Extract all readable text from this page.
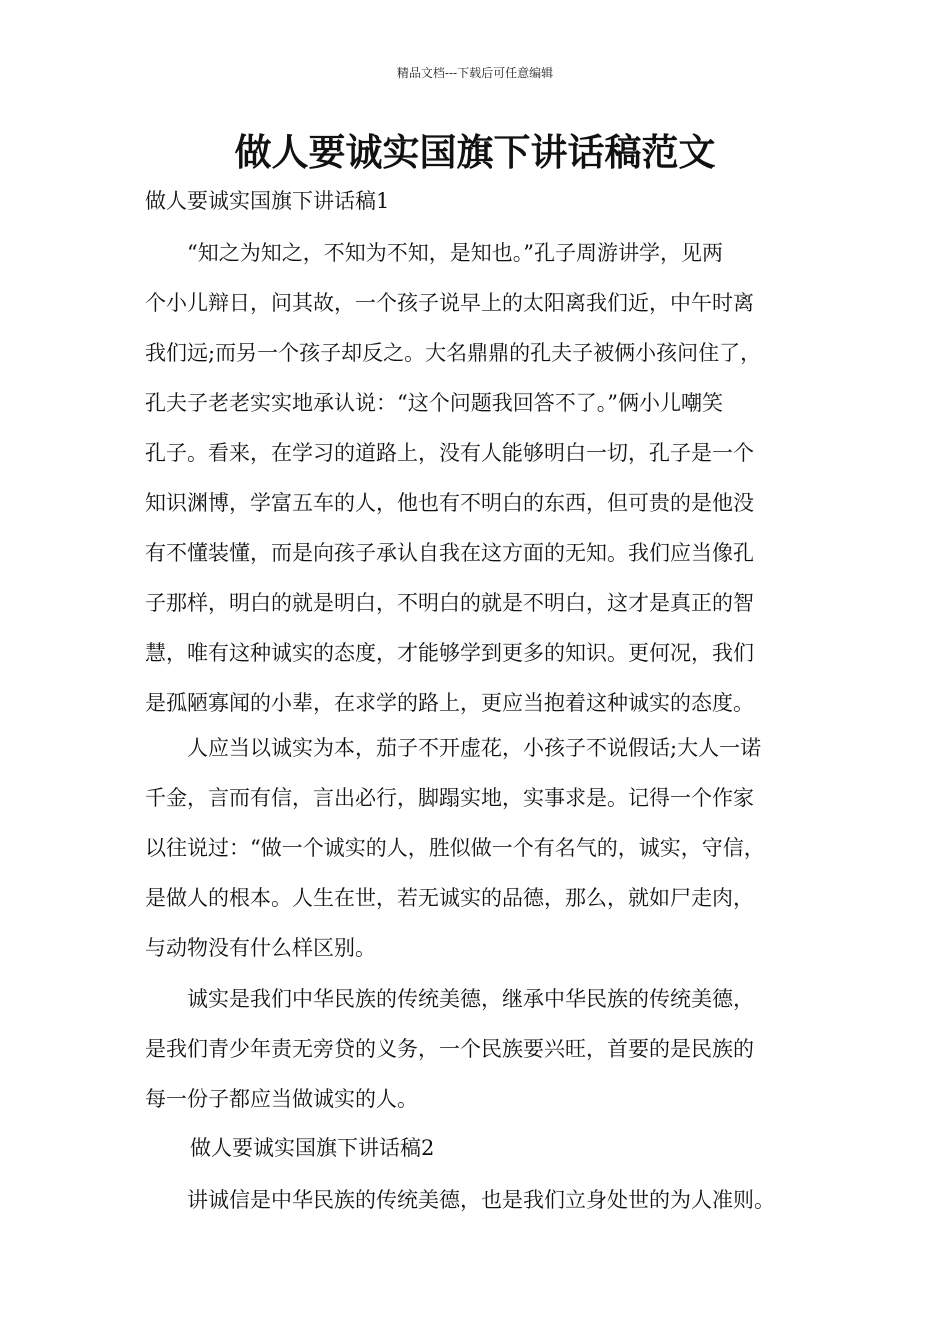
精品文档---下载后可任意编辑
做人要诚实国旗下讲话稿范文

做人要诚实国旗下讲话稿1

　　“知之为知之，不知为不知，是知也。”孔子周游讲学，见两
个小儿辩日，问其故，一个孩子说早上的太阳离我们近，中午时离
我们远;而另一个孩子却反之。大名鼎鼎的孔夫子被俩小孩问住了，
孔夫子老老实实地承认说：“这个问题我回答不了。”俩小儿嘲笑
孔子。看来，在学习的道路上，没有人能够明白一切，孔子是一个
知识渊博，学富五车的人，他也有不明白的东西，但可贵的是他没
有不懂装懂，而是向孩子承认自我在这方面的无知。我们应当像孔
子那样，明白的就是明白，不明白的就是不明白，这才是真正的智
慧，唯有这种诚实的态度，才能够学到更多的知识。更何况，我们
是孤陋寡闻的小辈，在求学的路上，更应当抱着这种诚实的态度。

　　人应当以诚实为本，茄子不开虚花，小孩子不说假话;大人一诺
千金，言而有信，言出必行，脚蹋实地，实事求是。记得一个作家
以往说过：“做一个诚实的人，胜似做一个有名气的，诚实，守信，
是做人的根本。人生在世，若无诚实的品德，那么，就如尸走肉，
与动物没有什么样区别。

　　诚实是我们中华民族的传统美德，继承中华民族的传统美德，
是我们青少年责无旁贷的义务，一个民族要兴旺，首要的是民族的
每一份子都应当做诚实的人。

做人要诚实国旗下讲话稿2

　　讲诚信是中华民族的传统美德，也是我们立身处世的为人准则。
